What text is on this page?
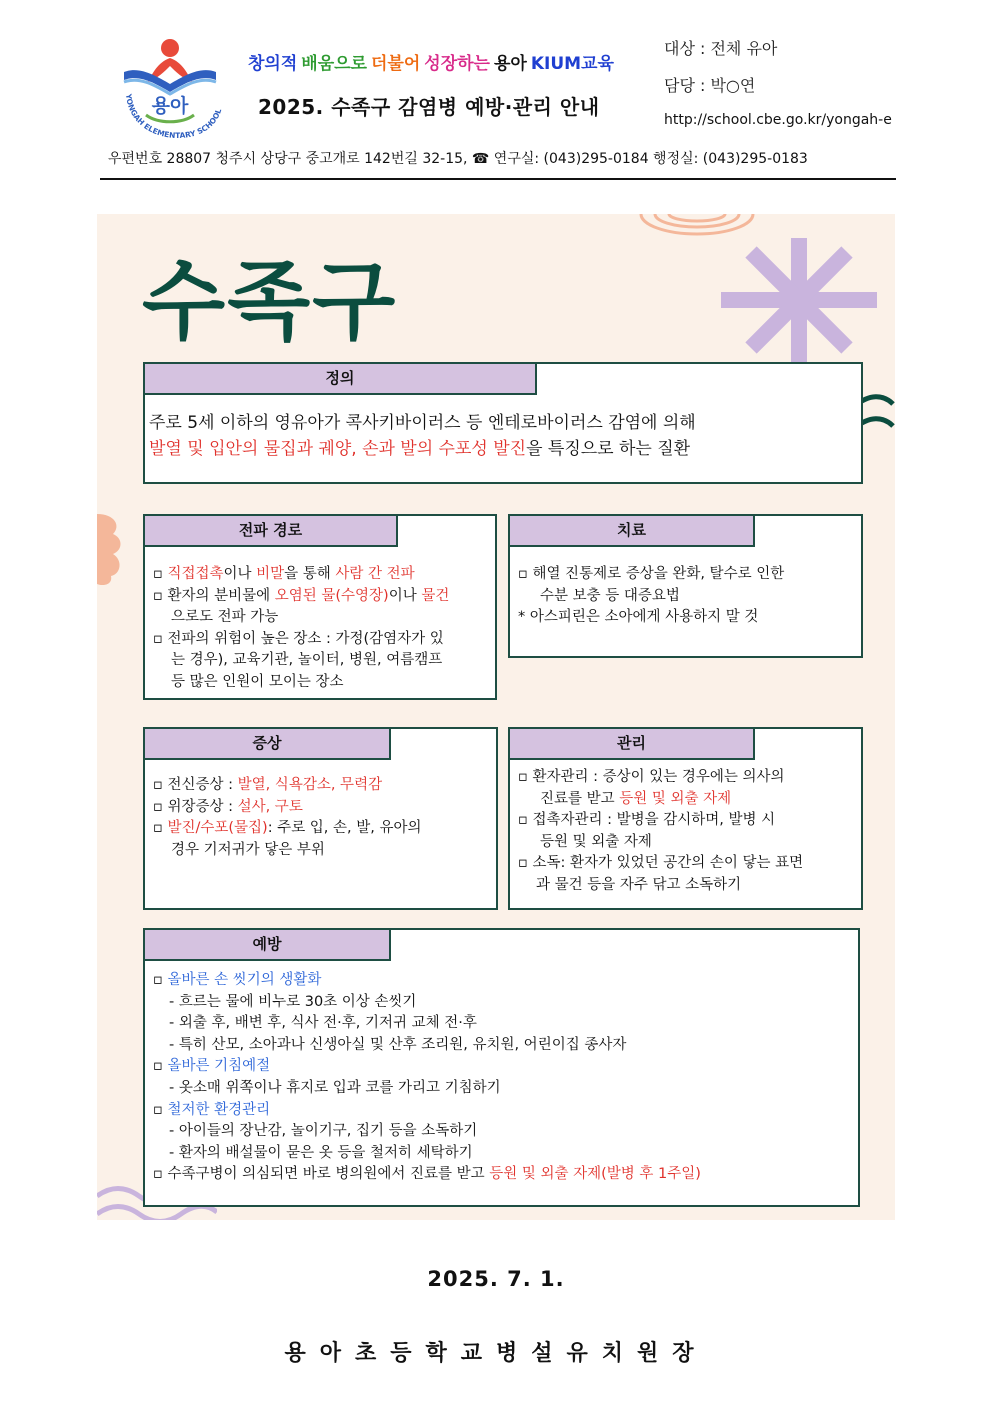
용아
YONGAH ELEMENTARY SCHOOL
창의적 배움으로 더불어 성장하는 용아 KIUM교육
2025. 수족구 감염병 예방·관리 안내
대상 : 전체 유아
담당 : 박○연
http://school.cbe.go.kr/yongah-e
우편번호 28807 청주시 상당구 중고개로 142번길 32-15, ☎ 연구실: (043)295-0184 행정실: (043)295-0183
수족구
정의
주로 5세 이하의 영유아가 콕사키바이러스 등 엔테로바이러스 감염에 의해
발열 및 입안의 물집과 궤양, 손과 발의 수포성 발진을 특징으로 하는 질환
전파 경로
▫ 직접접촉이나 비말을 통해 사람 간 전파
▫ 환자의 분비물에 오염된 물(수영장)이나 물건
으로도 전파 가능
▫ 전파의 위험이 높은 장소 : 가정(감염자가 있
는 경우), 교육기관, 놀이터, 병원, 여름캠프
등 많은 인원이 모이는 장소
치료
▫ 해열 진통제로 증상을 완화, 탈수로 인한
수분 보충 등 대증요법
* 아스피린은 소아에게 사용하지 말 것
증상
▫ 전신증상 : 발열, 식욕감소, 무력감
▫ 위장증상 : 설사, 구토
▫ 발진/수포(물집): 주로 입, 손, 발, 유아의
경우 기저귀가 닿은 부위
관리
▫ 환자관리 : 증상이 있는 경우에는 의사의
진료를 받고 등원 및 외출 자제
▫ 접촉자관리 : 발병을 감시하며, 발병 시
등원 및 외출 자제
▫ 소독: 환자가 있었던 공간의 손이 닿는 표면
과 물건 등을 자주 닦고 소독하기
예방
▫ 올바른 손 씻기의 생활화
- 흐르는 물에 비누로 30초 이상 손씻기
- 외출 후, 배변 후, 식사 전·후, 기저귀 교체 전·후
- 특히 산모, 소아과나 신생아실 및 산후 조리원, 유치원, 어린이집 종사자
▫ 올바른 기침예절
- 옷소매 위쪽이나 휴지로 입과 코를 가리고 기침하기
▫ 철저한 환경관리
- 아이들의 장난감, 놀이기구, 집기 등을 소독하기
- 환자의 배설물이 묻은 옷 등을 철저히 세탁하기
▫ 수족구병이 의심되면 바로 병의원에서 진료를 받고 등원 및 외출 자제(발병 후 1주일)
2025. 7. 1.
용아초등학교병설유치원장
